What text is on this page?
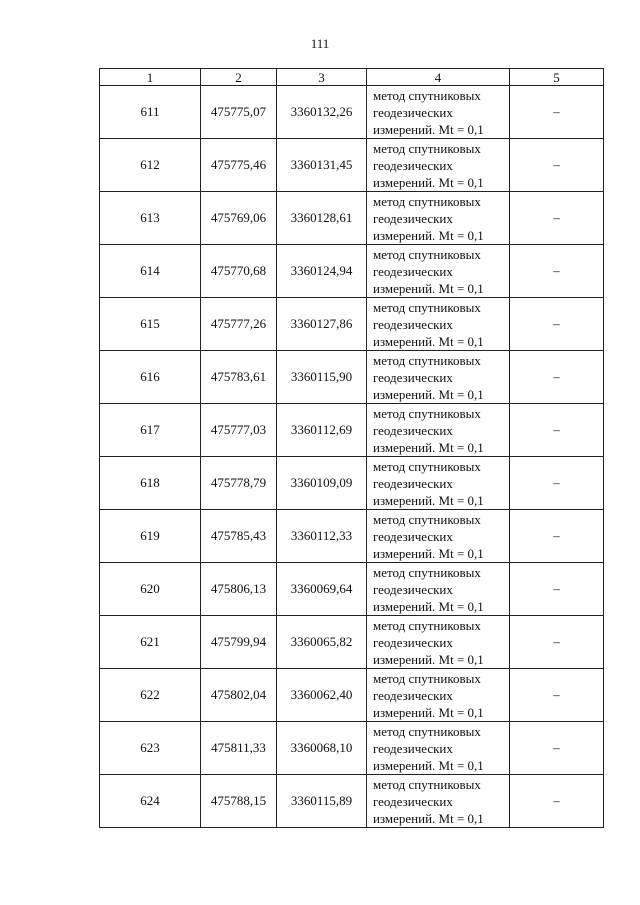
111
1	2	3	4	5
611	475775,07	3360132,26	метод спутниковых
геодезических
измерений. Mt = 0,1	–
612	475775,46	3360131,45	метод спутниковых
геодезических
измерений. Mt = 0,1	–
613	475769,06	3360128,61	метод спутниковых
геодезических
измерений. Mt = 0,1	–
614	475770,68	3360124,94	метод спутниковых
геодезических
измерений. Mt = 0,1	–
615	475777,26	3360127,86	метод спутниковых
геодезических
измерений. Mt = 0,1	–
616	475783,61	3360115,90	метод спутниковых
геодезических
измерений. Mt = 0,1	–
617	475777,03	3360112,69	метод спутниковых
геодезических
измерений. Mt = 0,1	–
618	475778,79	3360109,09	метод спутниковых
геодезических
измерений. Mt = 0,1	–
619	475785,43	3360112,33	метод спутниковых
геодезических
измерений. Mt = 0,1	–
620	475806,13	3360069,64	метод спутниковых
геодезических
измерений. Mt = 0,1	–
621	475799,94	3360065,82	метод спутниковых
геодезических
измерений. Mt = 0,1	–
622	475802,04	3360062,40	метод спутниковых
геодезических
измерений. Mt = 0,1	–
623	475811,33	3360068,10	метод спутниковых
геодезических
измерений. Mt = 0,1	–
624	475788,15	3360115,89	метод спутниковых
геодезических
измерений. Mt = 0,1	–
